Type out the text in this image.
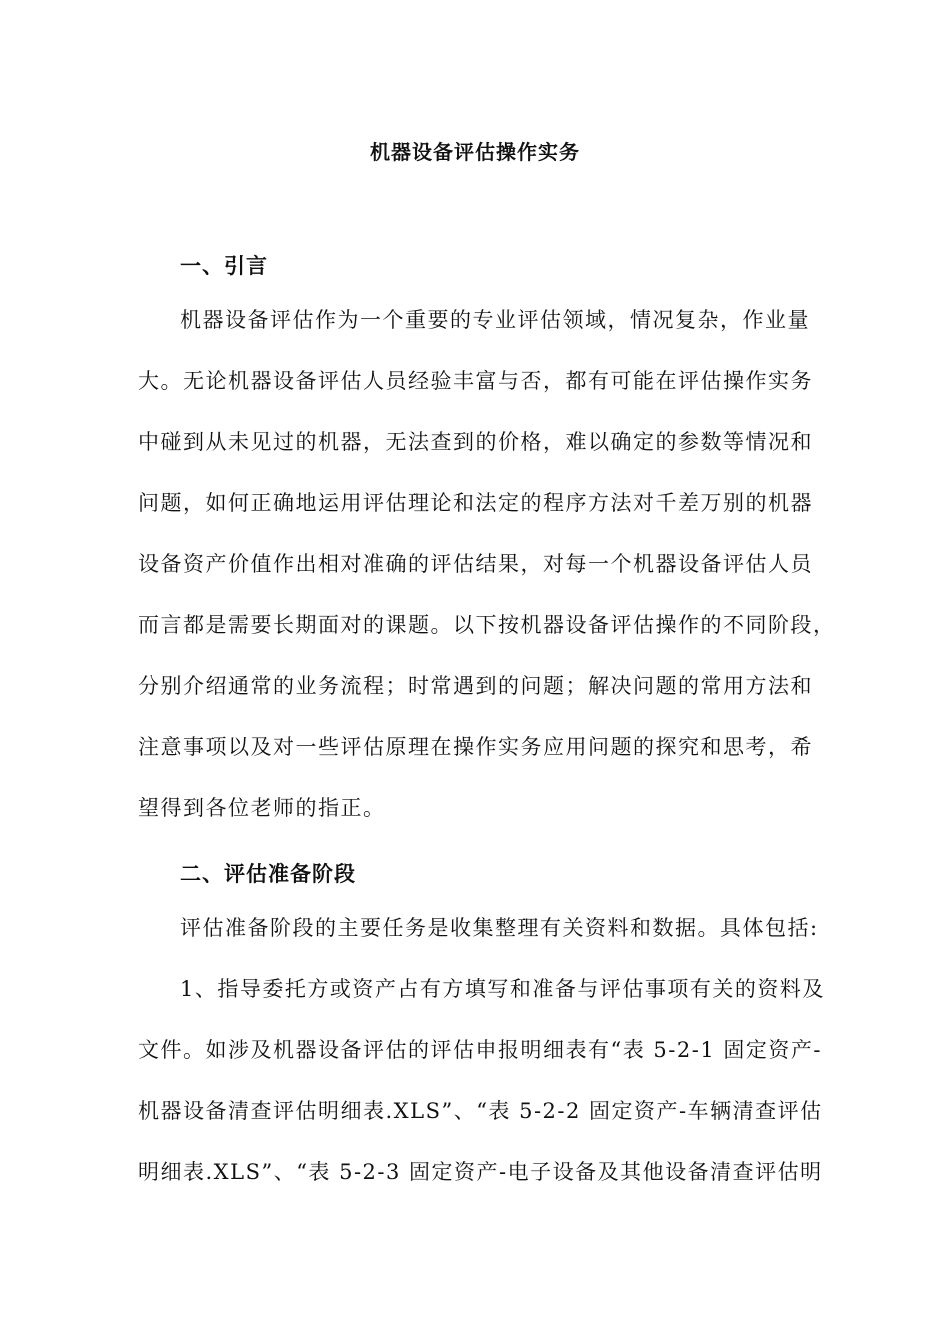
机器设备评估操作实务
一、引言
机器设备评估作为一个重要的专业评估领域，情况复杂，作业量
大。无论机器设备评估人员经验丰富与否，都有可能在评估操作实务
中碰到从未见过的机器，无法查到的价格，难以确定的参数等情况和
问题，如何正确地运用评估理论和法定的程序方法对千差万别的机器
设备资产价值作出相对准确的评估结果，对每一个机器设备评估人员
而言都是需要长期面对的课题。以下按机器设备评估操作的不同阶段，
分别介绍通常的业务流程；时常遇到的问题；解决问题的常用方法和
注意事项以及对一些评估原理在操作实务应用问题的探究和思考，希
望得到各位老师的指正。
二、评估准备阶段
评估准备阶段的主要任务是收集整理有关资料和数据。具体包括:
1、指导委托方或资产占有方填写和准备与评估事项有关的资料及
文件。如涉及机器设备评估的评估申报明细表有“表 5-2-1 固定资产-
机器设备清查评估明细表.XLS”、“表 5-2-2 固定资产-车辆清查评估
明细表.XLS”、“表 5-2-3 固定资产-电子设备及其他设备清查评估明
